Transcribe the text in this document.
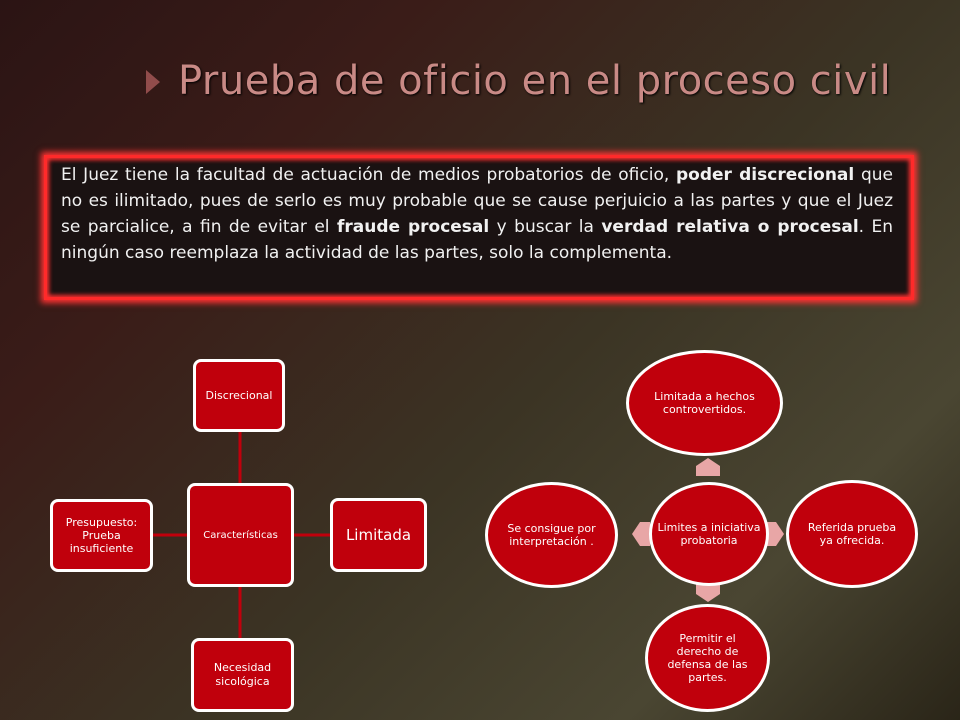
Prueba de oficio en el proceso civil
El Juez tiene la facultad de actuación de medios probatorios de oficio, poder discrecional que no es ilimitado, pues de serlo es muy probable que se cause perjuicio a las partes y que el Juez se parcialice, a fin de evitar el fraude procesal y buscar la verdad relativa o procesal. En ningún caso reemplaza la actividad de las partes, solo la complementa.
Discrecional
Características	Limitada
Necesidad sicológica
Presupuesto: Prueba insuficiente
Limites a iniciativa probatoria
Limitada a hechos controvertidos.
Referida prueba ya ofrecida.
Permitir el derecho de defensa de las partes.
Se consigue por interpretación .
